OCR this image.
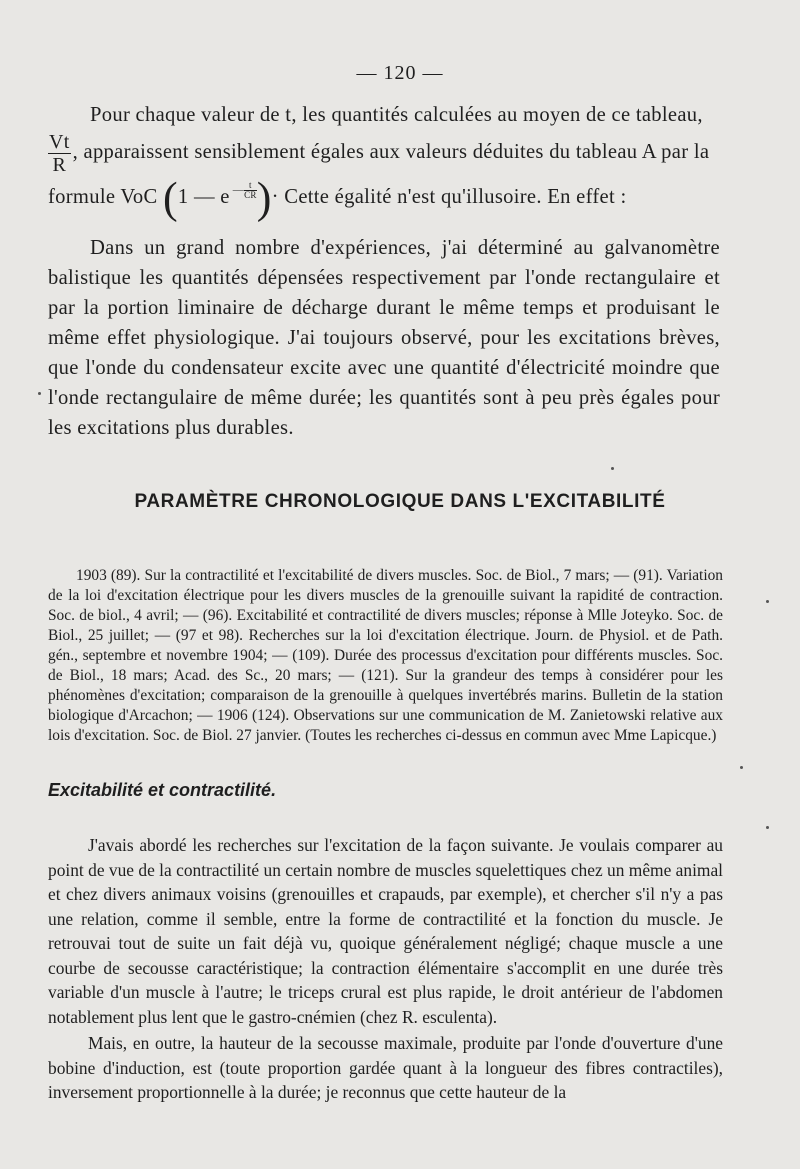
— 120 —

Pour chaque valeur de t, les quantités calculées au moyen de ce tableau,

$\frac{Vt}{R}$ , apparaissent sensiblement égales aux valeurs déduites du tableau A par la

formule VoC (1 — e — $\frac{t}{CR}$ )· Cette égalité n'est qu'illusoire. En effet :

Dans un grand nombre d'expériences, j'ai déterminé au galvanomètre balistique les quantités dépensées respectivement par l'onde rectangulaire et par la portion liminaire de décharge durant le même temps et produisant le même effet physiologique. J'ai toujours observé, pour les excitations brèves, que l'onde du condensateur excite avec une quantité d'électricité moindre que l'onde rectangulaire de même durée; les quantités sont à peu près égales pour les excitations plus durables.

PARAMÈTRE CHRONOLOGIQUE DANS L'EXCITABILITÉ

1903 (89). Sur la contractilité et l'excitabilité de divers muscles. Soc. de Biol., 7 mars; — (91). Variation de la loi d'excitation électrique pour les divers muscles de la grenouille suivant la rapidité de contraction. Soc. de biol., 4 avril; — (96). Excitabilité et contractilité de divers muscles; réponse à Mlle Joteyko. Soc. de Biol., 25 juillet; — (97 et 98). Recherches sur la loi d'excitation électrique. Journ. de Physiol. et de Path. gén., septembre et novembre 1904; — (109). Durée des processus d'excitation pour différents muscles. Soc. de Biol., 18 mars; Acad. des Sc., 20 mars; — (121). Sur la grandeur des temps à considérer pour les phénomènes d'excitation; comparaison de la grenouille à quelques invertébrés marins. Bulletin de la station biologique d'Arcachon; — 1906 (124). Observations sur une communication de M. Zanietowski relative aux lois d'excitation. Soc. de Biol. 27 janvier. (Toutes les recherches ci-dessus en commun avec Mme Lapicque.)

Excitabilité et contractilité.

J'avais abordé les recherches sur l'excitation de la façon suivante. Je voulais comparer au point de vue de la contractilité un certain nombre de muscles squelettiques chez un même animal et chez divers animaux voisins (grenouilles et crapauds, par exemple), et chercher s'il n'y a pas une relation, comme il semble, entre la forme de contractilité et la fonction du muscle. Je retrouvai tout de suite un fait déjà vu, quoique généralement négligé; chaque muscle a une courbe de secousse caractéristique; la contraction élémentaire s'accomplit en une durée très variable d'un muscle à l'autre; le triceps crural est plus rapide, le droit antérieur de l'abdomen notablement plus lent que le gastro-cnémien (chez R. esculenta).

Mais, en outre, la hauteur de la secousse maximale, produite par l'onde d'ouverture d'une bobine d'induction, est (toute proportion gardée quant à la longueur des fibres contractiles), inversement proportionnelle à la durée; je reconnus que cette hauteur de la
